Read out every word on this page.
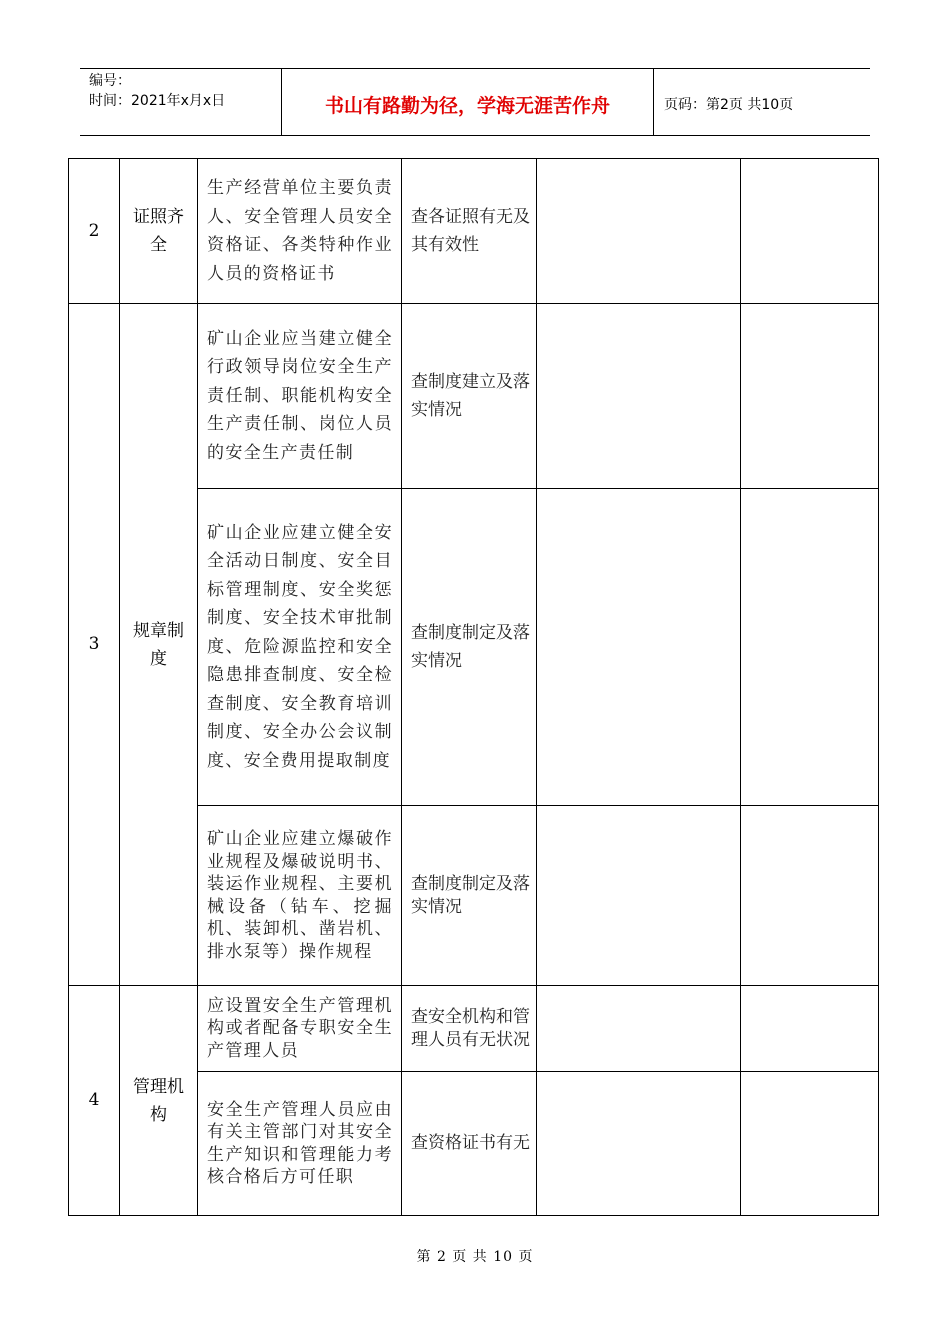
编号：
时间：2021年x月x日	书山有路勤为径，学海无涯苦作舟	页码：第2页 共10页
2	证照齐全	生产经营单位主要负责人、安全管理人员安全资格证、各类特种作业人员的资格证书	查各证照有无及其有效性		
3	规章制度	矿山企业应当建立健全行政领导岗位安全生产责任制、职能机构安全生产责任制、岗位人员的安全生产责任制	查制度建立及落实情况		
		矿山企业应建立健全安全活动日制度、安全目标管理制度、安全奖惩制度、安全技术审批制度、危险源监控和安全隐患排查制度、安全检查制度、安全教育培训制度、安全办公会议制度、安全费用提取制度	查制度制定及落实情况		
		矿山企业应建立爆破作业规程及爆破说明书、装运作业规程、主要机械设备（钻车、挖掘机、装卸机、凿岩机、排水泵等）操作规程	查制度制定及落实情况		
4	管理机构	应设置安全生产管理机构或者配备专职安全生产管理人员	查安全机构和管理人员有无状况		
		安全生产管理人员应由有关主管部门对其安全生产知识和管理能力考核合格后方可任职	查资格证书有无		
第 2 页 共 10 页
